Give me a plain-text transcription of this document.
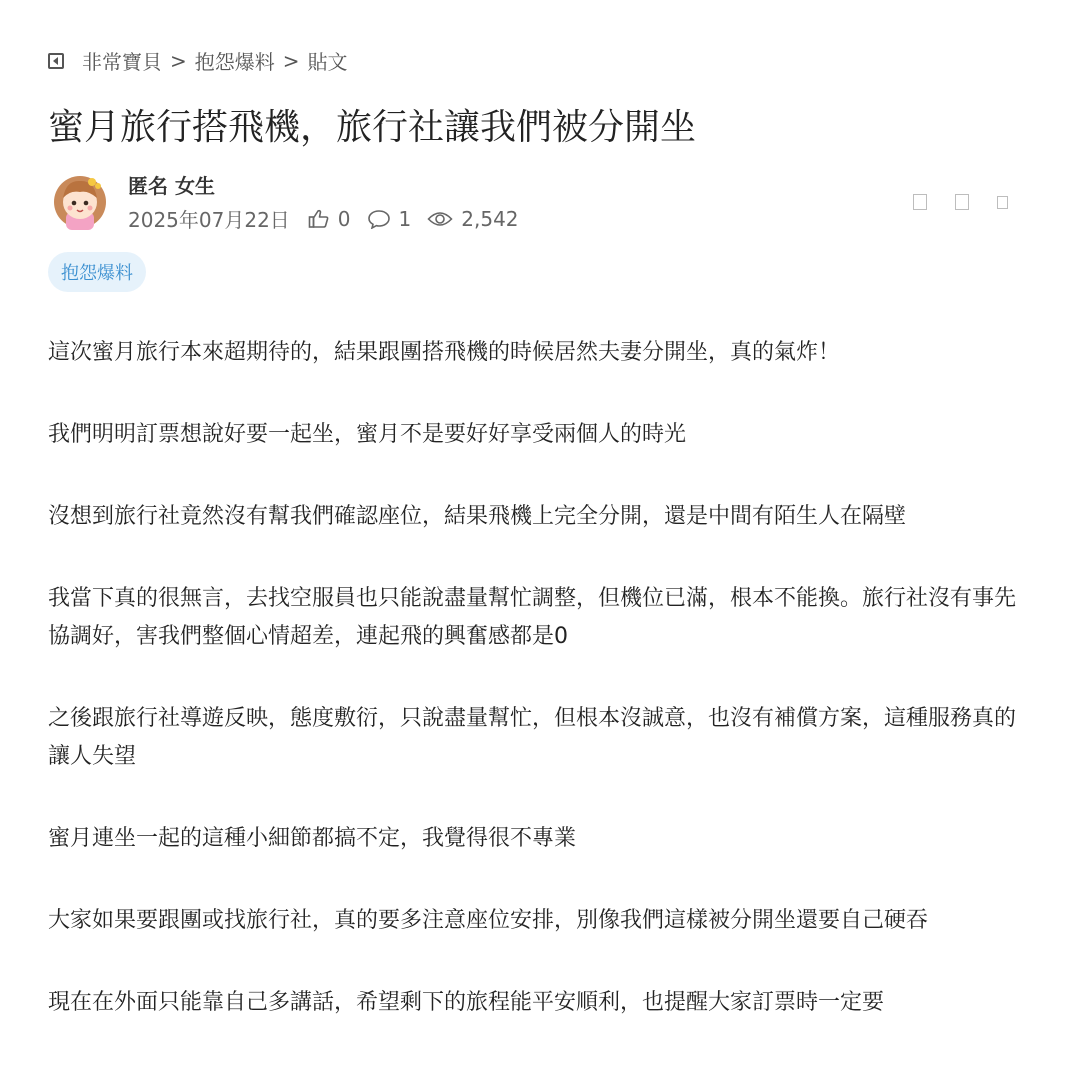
非常寶貝 > 抱怨爆料 > 貼文
蜜月旅行搭飛機，旅行社讓我們被分開坐
匿名 女生
2025年07月22日 0 1	2,542
抱怨爆料

這次蜜月旅行本來超期待的，結果跟團搭飛機的時候居然夫妻分開坐，真的氣炸！

我們明明訂票想說好要一起坐，蜜月不是要好好享受兩個人的時光

沒想到旅行社竟然沒有幫我們確認座位，結果飛機上完全分開，還是中間有陌生人在隔壁

我當下真的很無言，去找空服員也只能說盡量幫忙調整，但機位已滿，根本不能換。旅行社沒有事先協調好，害我們整個心情超差，連起飛的興奮感都是0

之後跟旅行社導遊反映，態度敷衍，只說盡量幫忙，但根本沒誠意，也沒有補償方案，這種服務真的讓人失望

蜜月連坐一起的這種小細節都搞不定，我覺得很不專業

大家如果要跟團或找旅行社，真的要多注意座位安排，別像我們這樣被分開坐還要自己硬吞

現在在外面只能靠自己多講話，希望剩下的旅程能平安順利，也提醒大家訂票時一定要
